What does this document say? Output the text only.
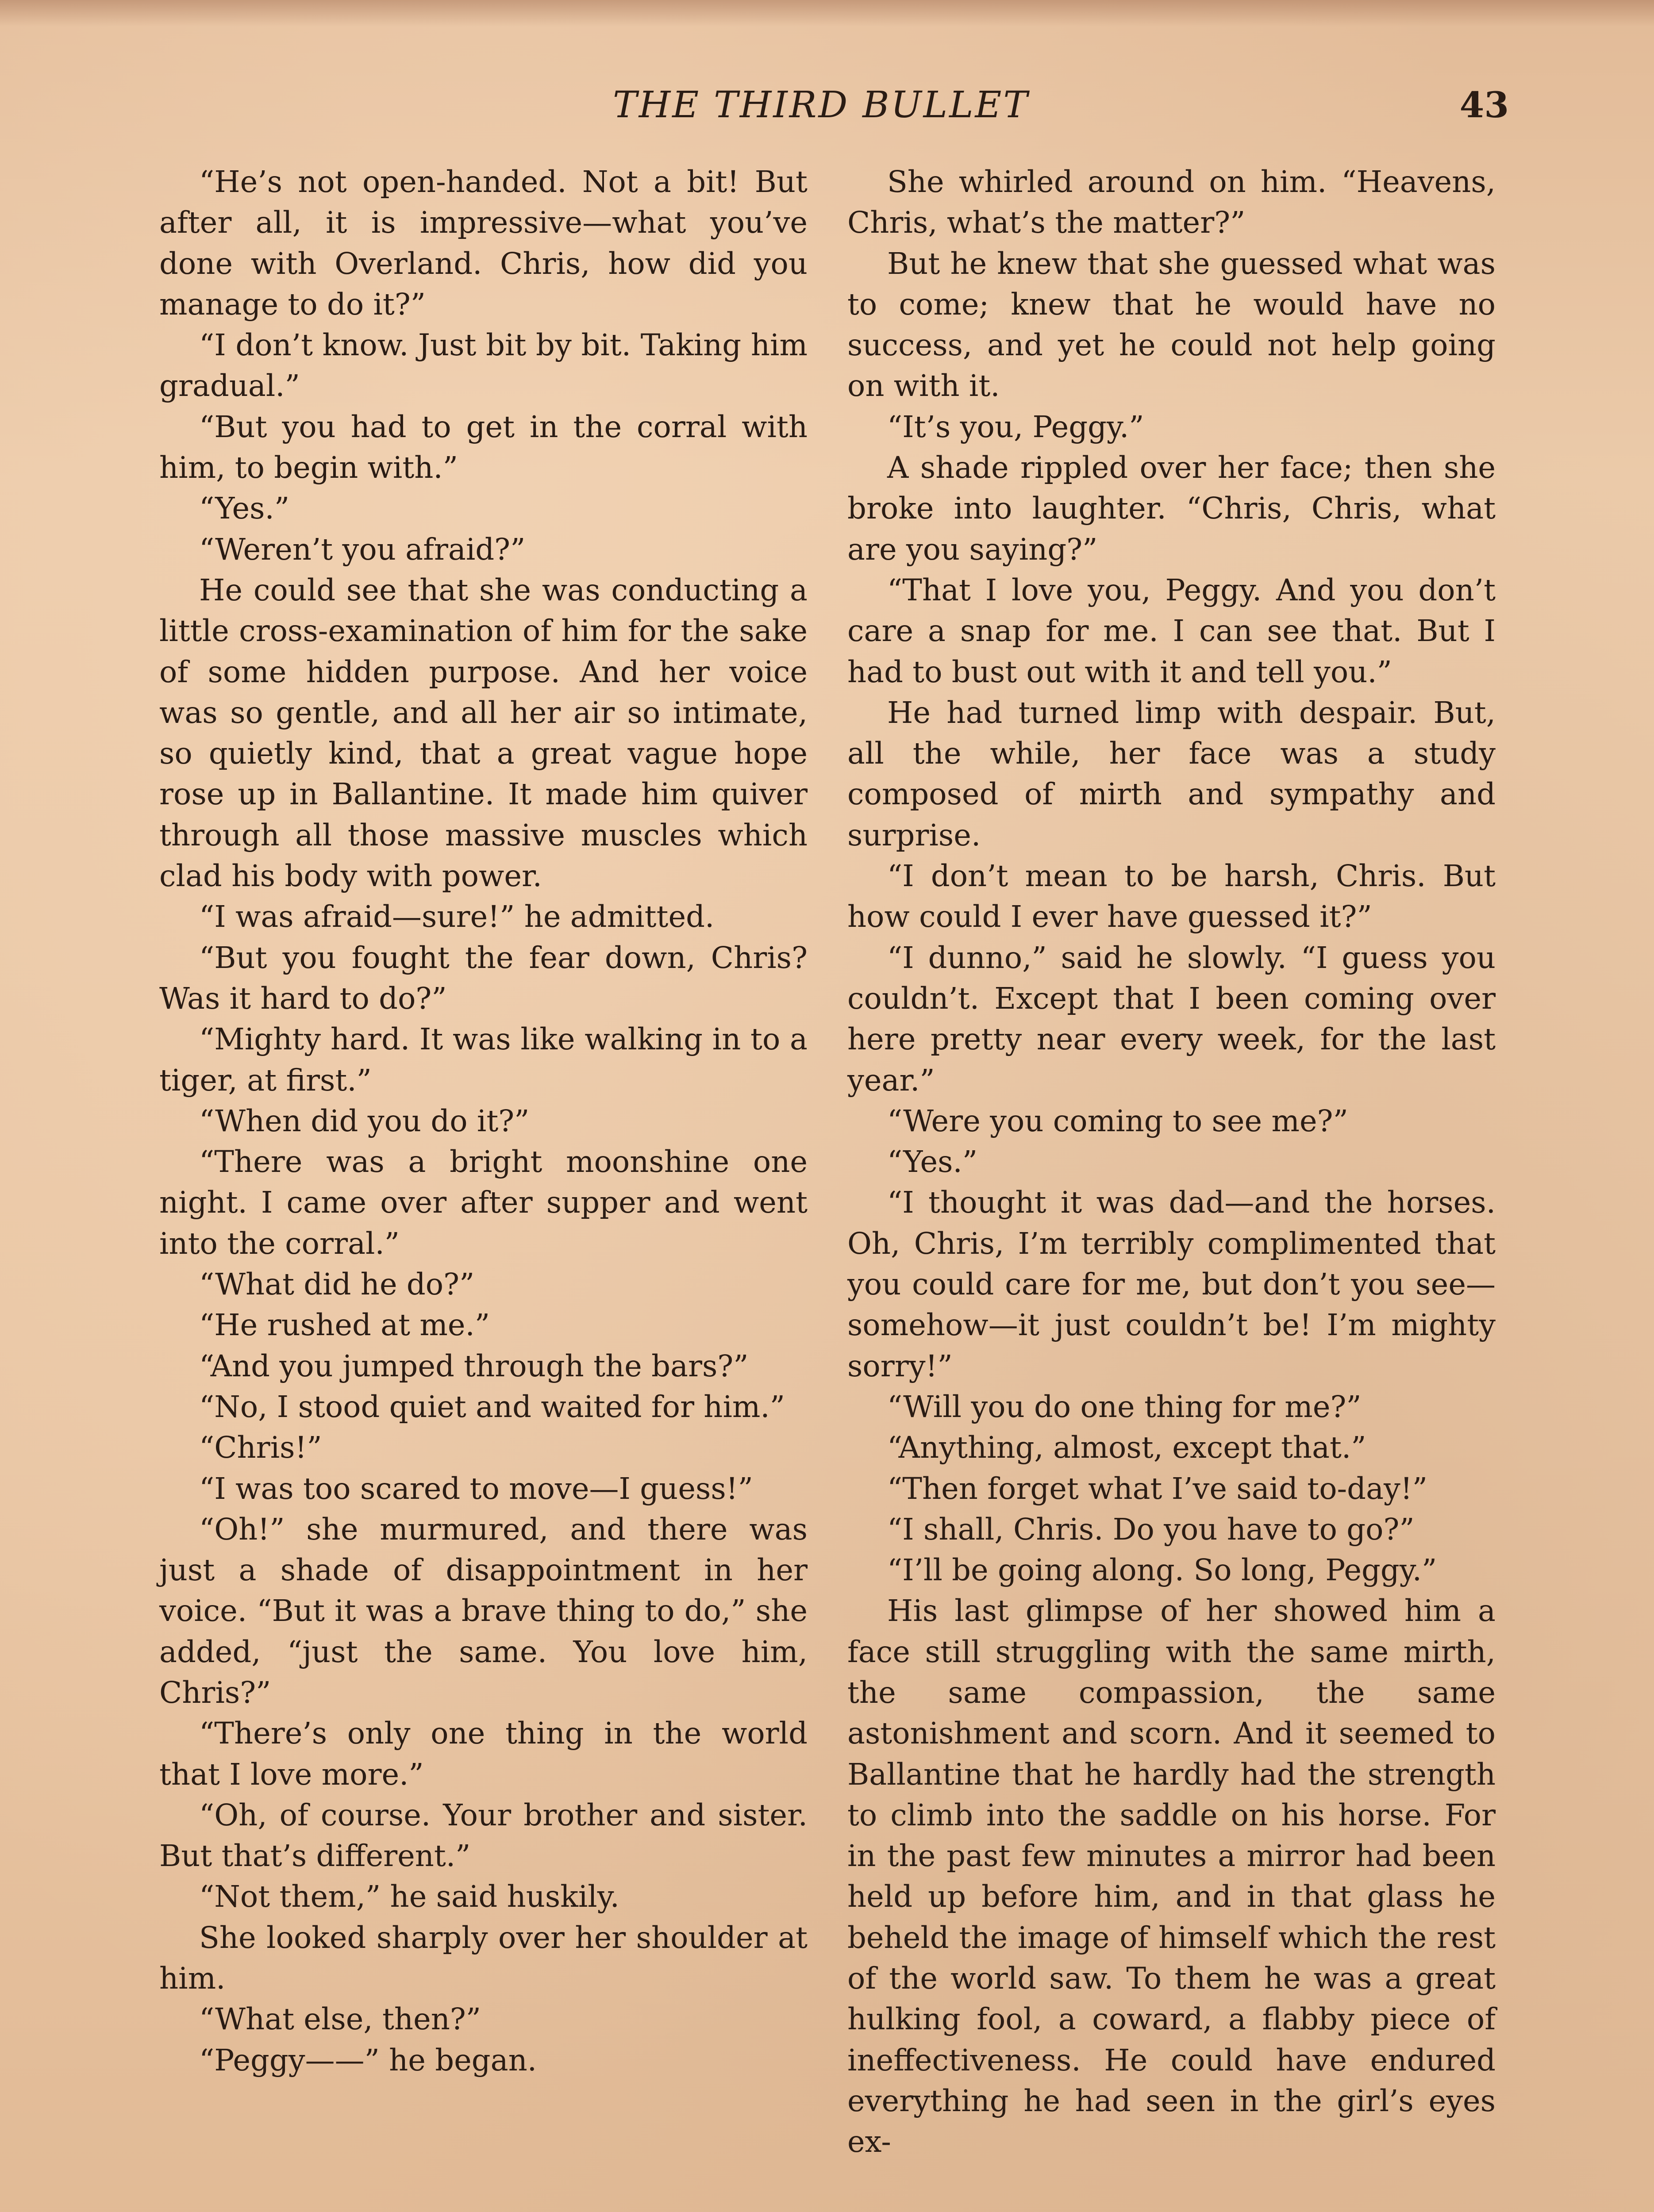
THE THIRD BULLET	43

“He’s not open-handed. Not a bit! But after all, it is impressive—what you’ve done with Overland. Chris, how did you manage to do it?”

“I don’t know. Just bit by bit. Taking him gradual.”

“But you had to get in the corral with him, to begin with.”

“Yes.”

“Weren’t you afraid?”

He could see that she was conducting a little cross-examination of him for the sake of some hidden purpose. And her voice was so gentle, and all her air so intimate, so quietly kind, that a great vague hope rose up in Ballantine. It made him quiver through all those massive muscles which clad his body with power.

“I was afraid—sure!” he admitted.

“But you fought the fear down, Chris? Was it hard to do?”

“Mighty hard. It was like walking in to a tiger, at first.”

“When did you do it?”

“There was a bright moonshine one night. I came over after supper and went into the corral.”

“What did he do?”

“He rushed at me.”

“And you jumped through the bars?”

“No, I stood quiet and waited for him.”

“Chris!”

“I was too scared to move—I guess!”

“Oh!” she murmured, and there was just a shade of disappointment in her voice. “But it was a brave thing to do,” she added, “just the same. You love him, Chris?”

“There’s only one thing in the world that I love more.”

“Oh, of course. Your brother and sister. But that’s different.”

“Not them,” he said huskily.

She looked sharply over her shoulder at him.

“What else, then?”

“Peggy——” he began.

She whirled around on him. “Heavens, Chris, what’s the matter?”

But he knew that she guessed what was to come; knew that he would have no success, and yet he could not help going on with it.

“It’s you, Peggy.”

A shade rippled over her face; then she broke into laughter. “Chris, Chris, what are you saying?”

“That I love you, Peggy. And you don’t care a snap for me. I can see that. But I had to bust out with it and tell you.”

He had turned limp with despair. But, all the while, her face was a study composed of mirth and sympathy and surprise.

“I don’t mean to be harsh, Chris. But how could I ever have guessed it?”

“I dunno,” said he slowly. “I guess you couldn’t. Except that I been coming over here pretty near every week, for the last year.”

“Were you coming to see me?”

“Yes.”

“I thought it was dad—and the horses. Oh, Chris, I’m terribly complimented that you could care for me, but don’t you see—somehow—it just couldn’t be! I’m mighty sorry!”

“Will you do one thing for me?”

“Anything, almost, except that.”

“Then forget what I’ve said to-day!”

“I shall, Chris. Do you have to go?”

“I’ll be going along. So long, Peggy.”

His last glimpse of her showed him a face still struggling with the same mirth, the same compassion, the same astonishment and scorn. And it seemed to Ballantine that he hardly had the strength to climb into the saddle on his horse. For in the past few minutes a mirror had been held up before him, and in that glass he beheld the image of himself which the rest of the world saw. To them he was a great hulking fool, a coward, a flabby piece of ineffectiveness. He could have endured everything he had seen in the girl’s eyes ex-
